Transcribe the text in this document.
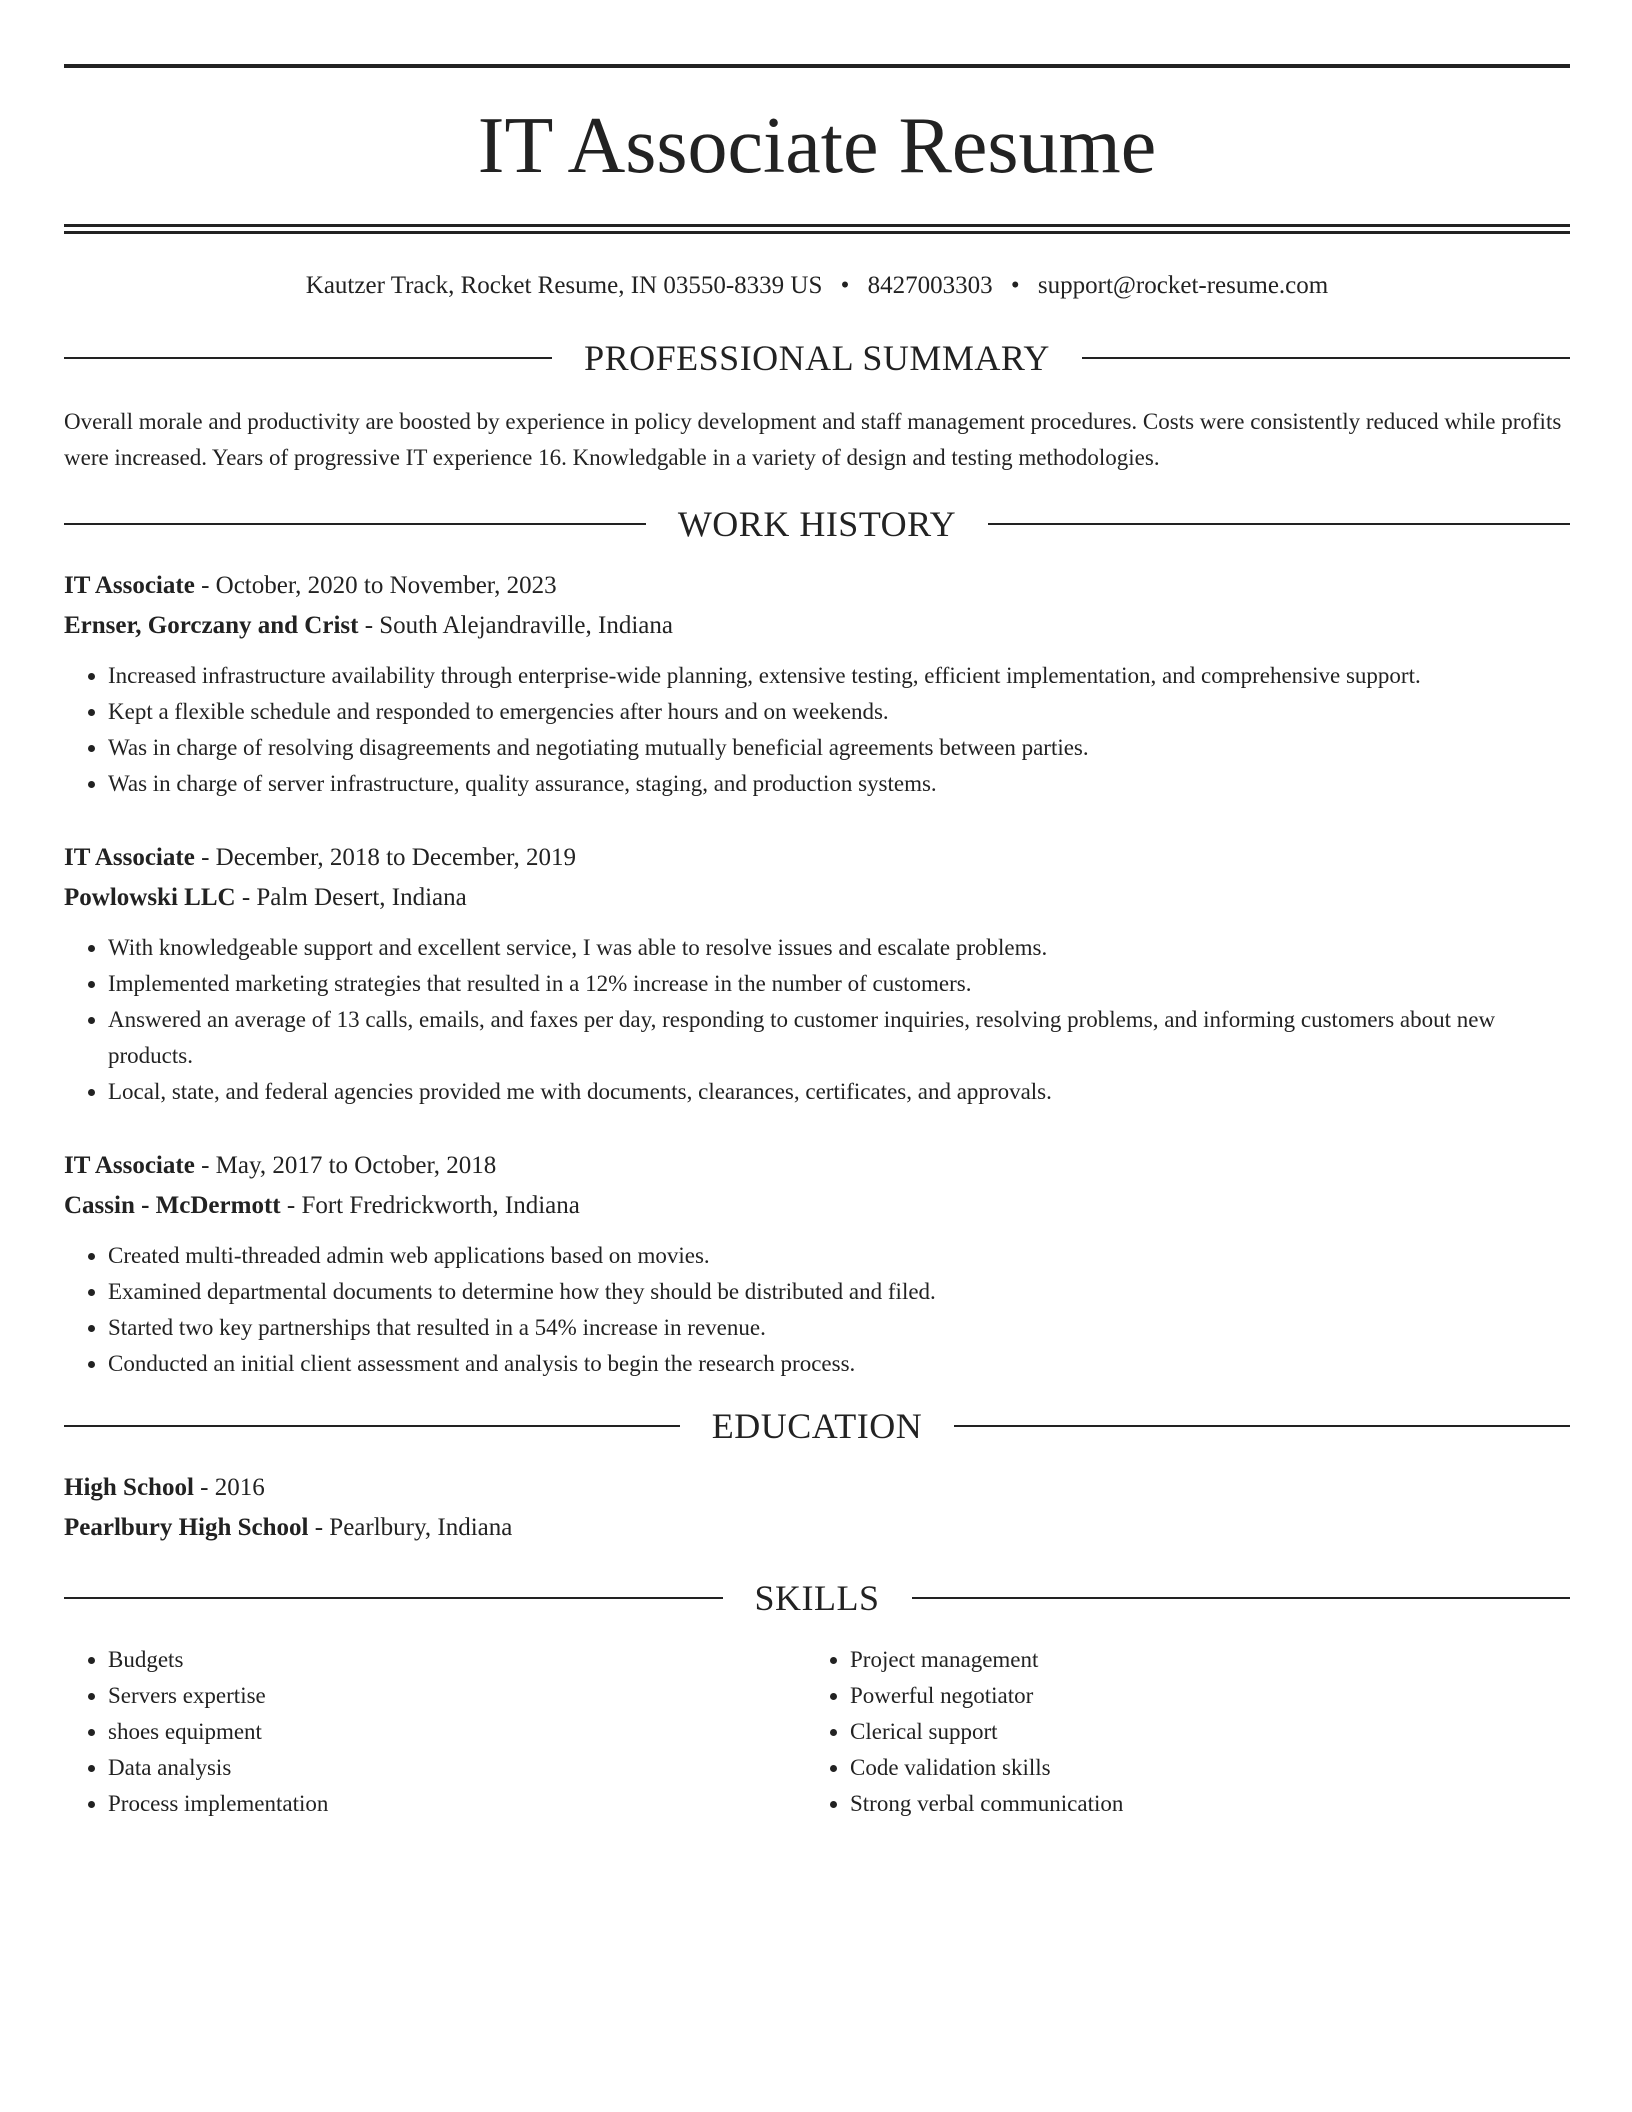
IT Associate Resume
Kautzer Track, Rocket Resume, IN 03550-8339 US • 8427003303 • support@rocket-resume.com
PROFESSIONAL SUMMARY
Overall morale and productivity are boosted by experience in policy development and staff management procedures. Costs were consistently reduced while profits were increased. Years of progressive IT experience 16. Knowledgable in a variety of design and testing methodologies.
WORK HISTORY
IT Associate - October, 2020 to November, 2023
Ernser, Gorczany and Crist - South Alejandraville, Indiana
• Increased infrastructure availability through enterprise-wide planning, extensive testing, efficient implementation, and comprehensive support.
• Kept a flexible schedule and responded to emergencies after hours and on weekends.
• Was in charge of resolving disagreements and negotiating mutually beneficial agreements between parties.
• Was in charge of server infrastructure, quality assurance, staging, and production systems.
IT Associate - December, 2018 to December, 2019
Powlowski LLC - Palm Desert, Indiana
• With knowledgeable support and excellent service, I was able to resolve issues and escalate problems.
• Implemented marketing strategies that resulted in a 12% increase in the number of customers.
• Answered an average of 13 calls, emails, and faxes per day, responding to customer inquiries, resolving problems, and informing customers about new products.
• Local, state, and federal agencies provided me with documents, clearances, certificates, and approvals.
IT Associate - May, 2017 to October, 2018
Cassin - McDermott - Fort Fredrickworth, Indiana
• Created multi-threaded admin web applications based on movies.
• Examined departmental documents to determine how they should be distributed and filed.
• Started two key partnerships that resulted in a 54% increase in revenue.
• Conducted an initial client assessment and analysis to begin the research process.
EDUCATION
High School - 2016
Pearlbury High School - Pearlbury, Indiana
SKILLS
• Budgets
• Servers expertise
• shoes equipment
• Data analysis
• Process implementation
• Project management
• Powerful negotiator
• Clerical support
• Code validation skills
• Strong verbal communication
